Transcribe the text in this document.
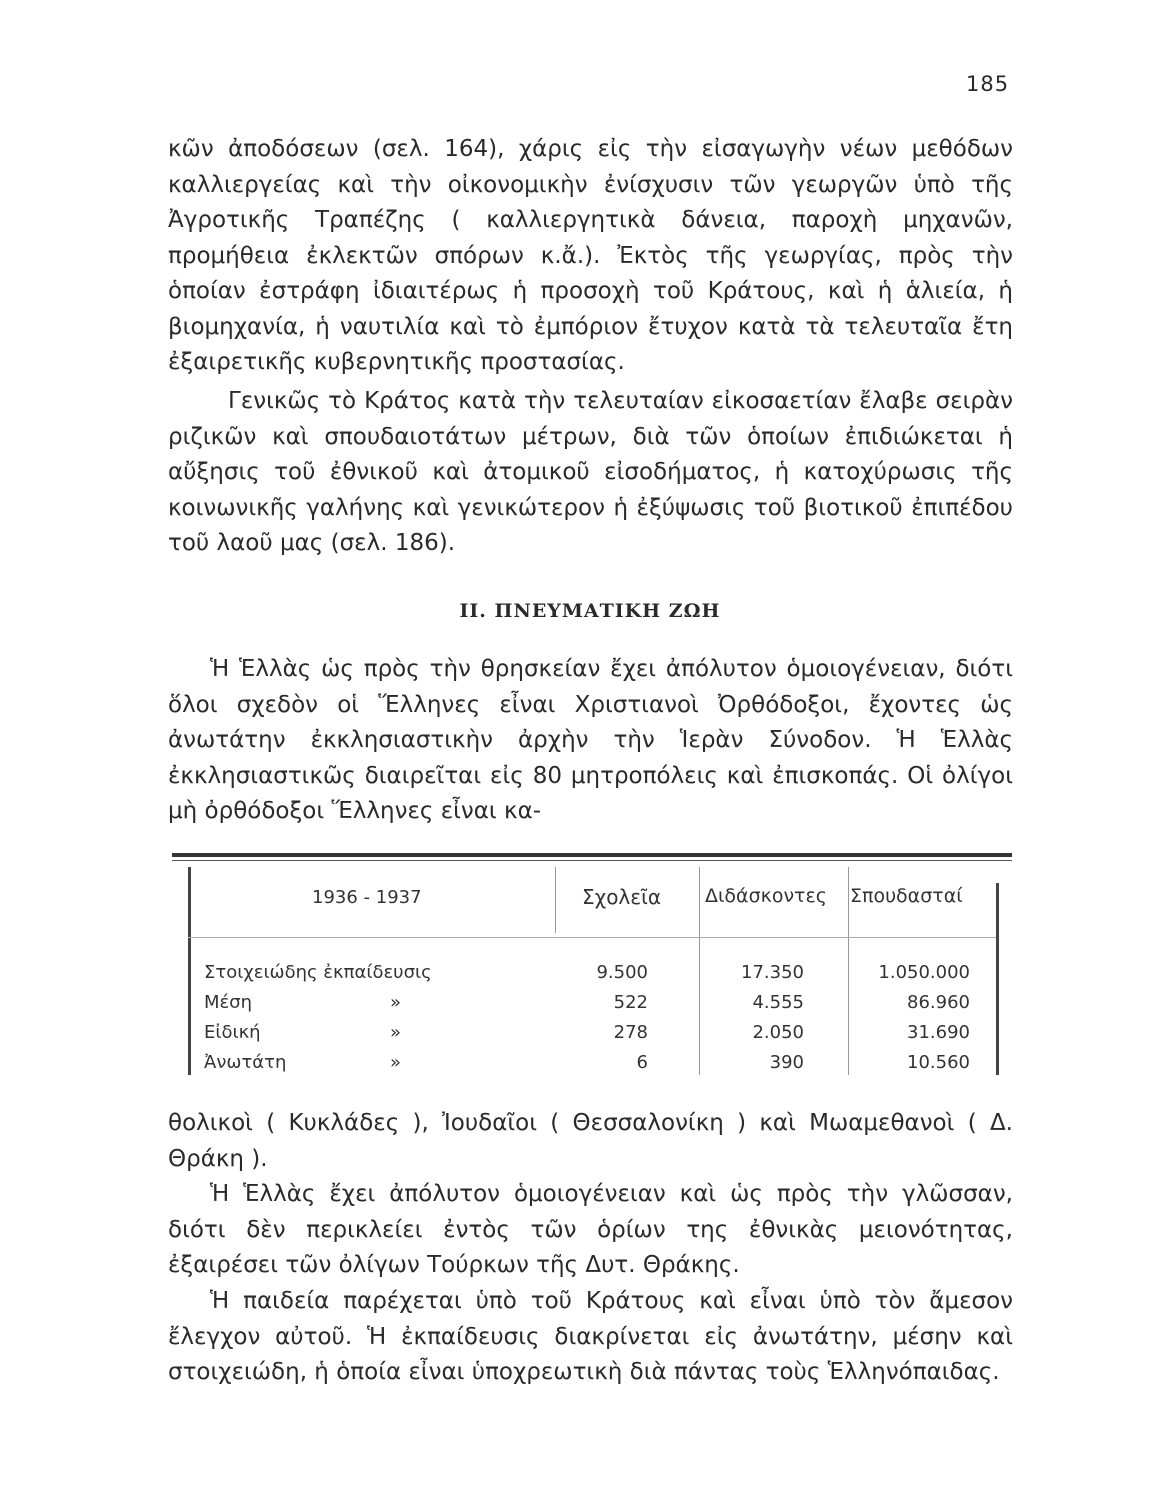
185

κῶν ἀποδόσεων (σελ. 164), χάρις εἰς τὴν εἰσαγωγὴν νέων μεθόδων καλλιεργείας καὶ τὴν οἰκονομικὴν ἐνίσχυσιν τῶν γεωργῶν ὑπὸ τῆς Ἀγροτικῆς Τραπέζης ( καλλιεργητικὰ δάνεια, παροχὴ μηχανῶν, προμήθεια ἐκλεκτῶν σπόρων κ.ἄ.). Ἐκτὸς τῆς γεωργίας, πρὸς τὴν ὁποίαν ἐστράφη ἰδιαιτέρως ἡ προσοχὴ τοῦ Κράτους, καὶ ἡ ἁλιεία, ἡ βιομηχανία, ἡ ναυτιλία καὶ τὸ ἐμπόριον ἔτυχον κατὰ τὰ τελευταῖα ἔτη ἐξαιρετικῆς κυβερνητικῆς προστασίας.

Γενικῶς τὸ Κράτος κατὰ τὴν τελευταίαν εἰκοσαετίαν ἔλαβε σειρὰν ριζικῶν καὶ σπουδαιοτάτων μέτρων, διὰ τῶν ὁποίων ἐπιδιώκεται ἡ αὔξησις τοῦ ἐθνικοῦ καὶ ἀτομικοῦ εἰσοδήματος, ἡ κατοχύρωσις τῆς κοινωνικῆς γαλήνης καὶ γενικώτερον ἡ ἐξύψωσις τοῦ βιοτικοῦ ἐπιπέδου τοῦ λαοῦ μας (σελ. 186).

II. ΠΝΕΥΜΑΤΙΚΗ ΖΩΗ

Ἡ Ἑλλὰς ὡς πρὸς τὴν θρησκείαν ἔχει ἀπόλυτον ὁμοιογένειαν, διότι ὅλοι σχεδὸν οἱ Ἕλληνες εἶναι Χριστιανοὶ Ὀρθόδοξοι, ἔχοντες ὡς ἀνωτάτην ἐκκλησιαστικὴν ἀρχὴν τὴν Ἱερὰν Σύνοδον. Ἡ Ἑλλὰς ἐκκλησιαστικῶς διαιρεῖται εἰς 80 μητροπόλεις καὶ ἐπισκοπάς. Οἱ ὀλίγοι μὴ ὀρθόδοξοι Ἕλληνες εἶναι κα-

1936 - 1937	Σχολεῖα Διδάσκοντες Σπουδασταί
Στοιχειώδης ἐκπαίδευσις	9.500	17.350	1.050.000
Μέση	»	522	4.555	86.960
Εἰδική	»	278	2.050	31.690
Ἀνωτάτη	»	6	390	10.560

θολικοὶ ( Κυκλάδες ), Ἰουδαῖοι ( Θεσσαλονίκη ) καὶ Μωαμεθανοὶ ( Δ. Θράκη ).

Ἡ Ἑλλὰς ἔχει ἀπόλυτον ὁμοιογένειαν καὶ ὡς πρὸς τὴν γλῶσσαν, διότι δὲν περικλείει ἐντὸς τῶν ὁρίων της ἐθνικὰς μειονότητας, ἐξαιρέσει τῶν ὀλίγων Τούρκων τῆς Δυτ. Θράκης.

Ἡ παιδεία παρέχεται ὑπὸ τοῦ Κράτους καὶ εἶναι ὑπὸ τὸν ἄμεσον ἔλεγχον αὐτοῦ. Ἡ ἐκπαίδευσις διακρίνεται εἰς ἀνωτάτην, μέσην καὶ στοιχειώδη, ἡ ὁποία εἶναι ὑποχρεωτικὴ διὰ πάντας τοὺς Ἑλληνόπαιδας.
